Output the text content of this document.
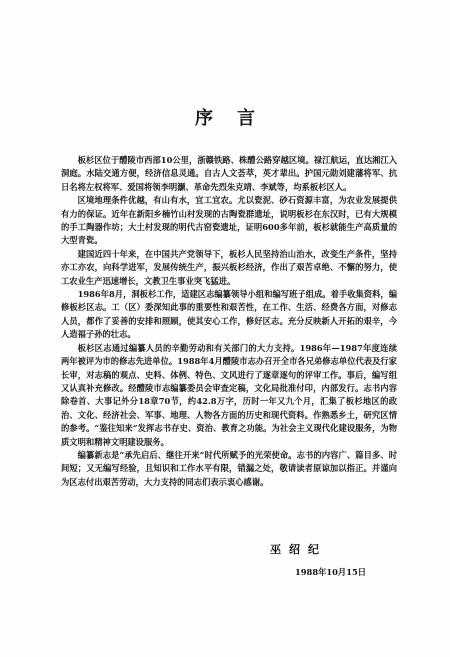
序言

板杉区位于醴陵市西部10公里，浙赣铁路、株醴公路穿越区境。禄江航运，直达湘江入洞庭。水陆交通方便，经济信息灵通。自古人文荟萃，英才辈出。护国元勋刘建藩将军、抗日名将左权将军、爱国将领李明灏、革命先烈朱克靖、李斌等，均系板杉区人。

区境地理条件优越，有山有水，宜工宜农。尤以瓷泥、砂石资源丰富，为农业发展提供有力的保证。近年在新阳乡楠竹山村发现的古陶瓷群遗址，说明板杉在东汉时，已有大规模的手工陶器作坊；大土村发现的明代古窑瓷遗址，证明600多年前，板杉就能生产高质量的大型青瓷。

建国近四十年来，在中国共产党领导下，板杉人民坚持治山治水，改变生产条件，坚持亦工亦农，向科学进军，发展传统生产，振兴板杉经济，作出了艰苦卓绝、不懈的努力，使工农业生产迅速增长，文教卫生事业突飞猛进。

1986年8月，洞板杉工作，适建区志编纂领导小组和编写班子组成。着手收集资料，编修板杉区志。工（区）委深知此事的重要性和艰苦性，在工作、生活、经费各方面，对修志人员，都作了妥善的安排和照顾，使其安心工作，修好区志。充分反映新人开拓的艰辛，今人造福子孙的壮志。

板杉区志通过编纂人员的辛勤劳动和有关部门的大力支持。1986年—1987年度连续两年被评为市的修志先进单位。1988年4月醴陵市志办召开全市各兄弟修志单位代表及行家长审，对志稿的观点、史料、体例、特色、文风进行了逐章逐句的评审工作。事后，编写组又认真补充修改。经醴陵市志编纂委员会审查定稿，文化局批准付印，内部发行。志书内容除卷首、大事记外分18章70节，约42.8万字，历时一年又九个月，汇集了板杉地区的政治、文化、经济社会、军事、地理、人物各方面的历史和现代资料。作熟悉乡土，研究区情的参考。“鉴往知来”发挥志书存史、资治、教育之功能。为社会主义现代化建设服务，为物质文明和精神文明建设服务。

编纂新志是“承先启后、继往开来”时代所赋予的光荣使命。志书的内容广、篇目多、时间短；又无编写经验，且知识和工作水平有限，错漏之处，敬请读者原谅加以指正。并谨向为区志付出艰苦劳动，大力支持的同志们表示衷心感谢。

巫绍纪
1988年10月15日
